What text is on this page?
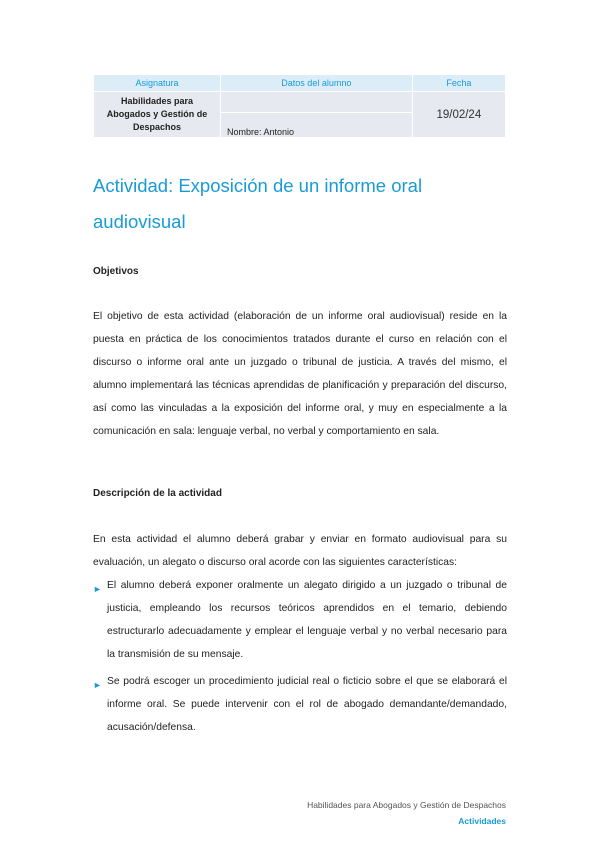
Asignatura	Datos del alumno	Fecha
Habilidades para Abogados y Gestión de Despachos		19/02/24
	Nombre: Antonio	
Actividad: Exposición de un informe oral audiovisual
Objetivos

El objetivo de esta actividad (elaboración de un informe oral audiovisual) reside en la puesta en práctica de los conocimientos tratados durante el curso en relación con el discurso o informe oral ante un juzgado o tribunal de justicia. A través del mismo, el alumno implementará las técnicas aprendidas de planificación y preparación del discurso, así como las vinculadas a la exposición del informe oral, y muy en especialmente a la comunicación en sala: lenguaje verbal, no verbal y comportamiento en sala.

Descripción de la actividad

En esta actividad el alumno deberá grabar y enviar en formato audiovisual para su evaluación, un alegato o discurso oral acorde con las siguientes características:

► El alumno deberá exponer oralmente un alegato dirigido a un juzgado o tribunal de justicia, empleando los recursos teóricos aprendidos en el temario, debiendo estructurarlo adecuadamente y emplear el lenguaje verbal y no verbal necesario para la transmisión de su mensaje.
► Se podrá escoger un procedimiento judicial real o ficticio sobre el que se elaborará el informe oral. Se puede intervenir con el rol de abogado demandante/demandado, acusación/defensa.
Habilidades para Abogados y Gestión de Despachos
Actividades
